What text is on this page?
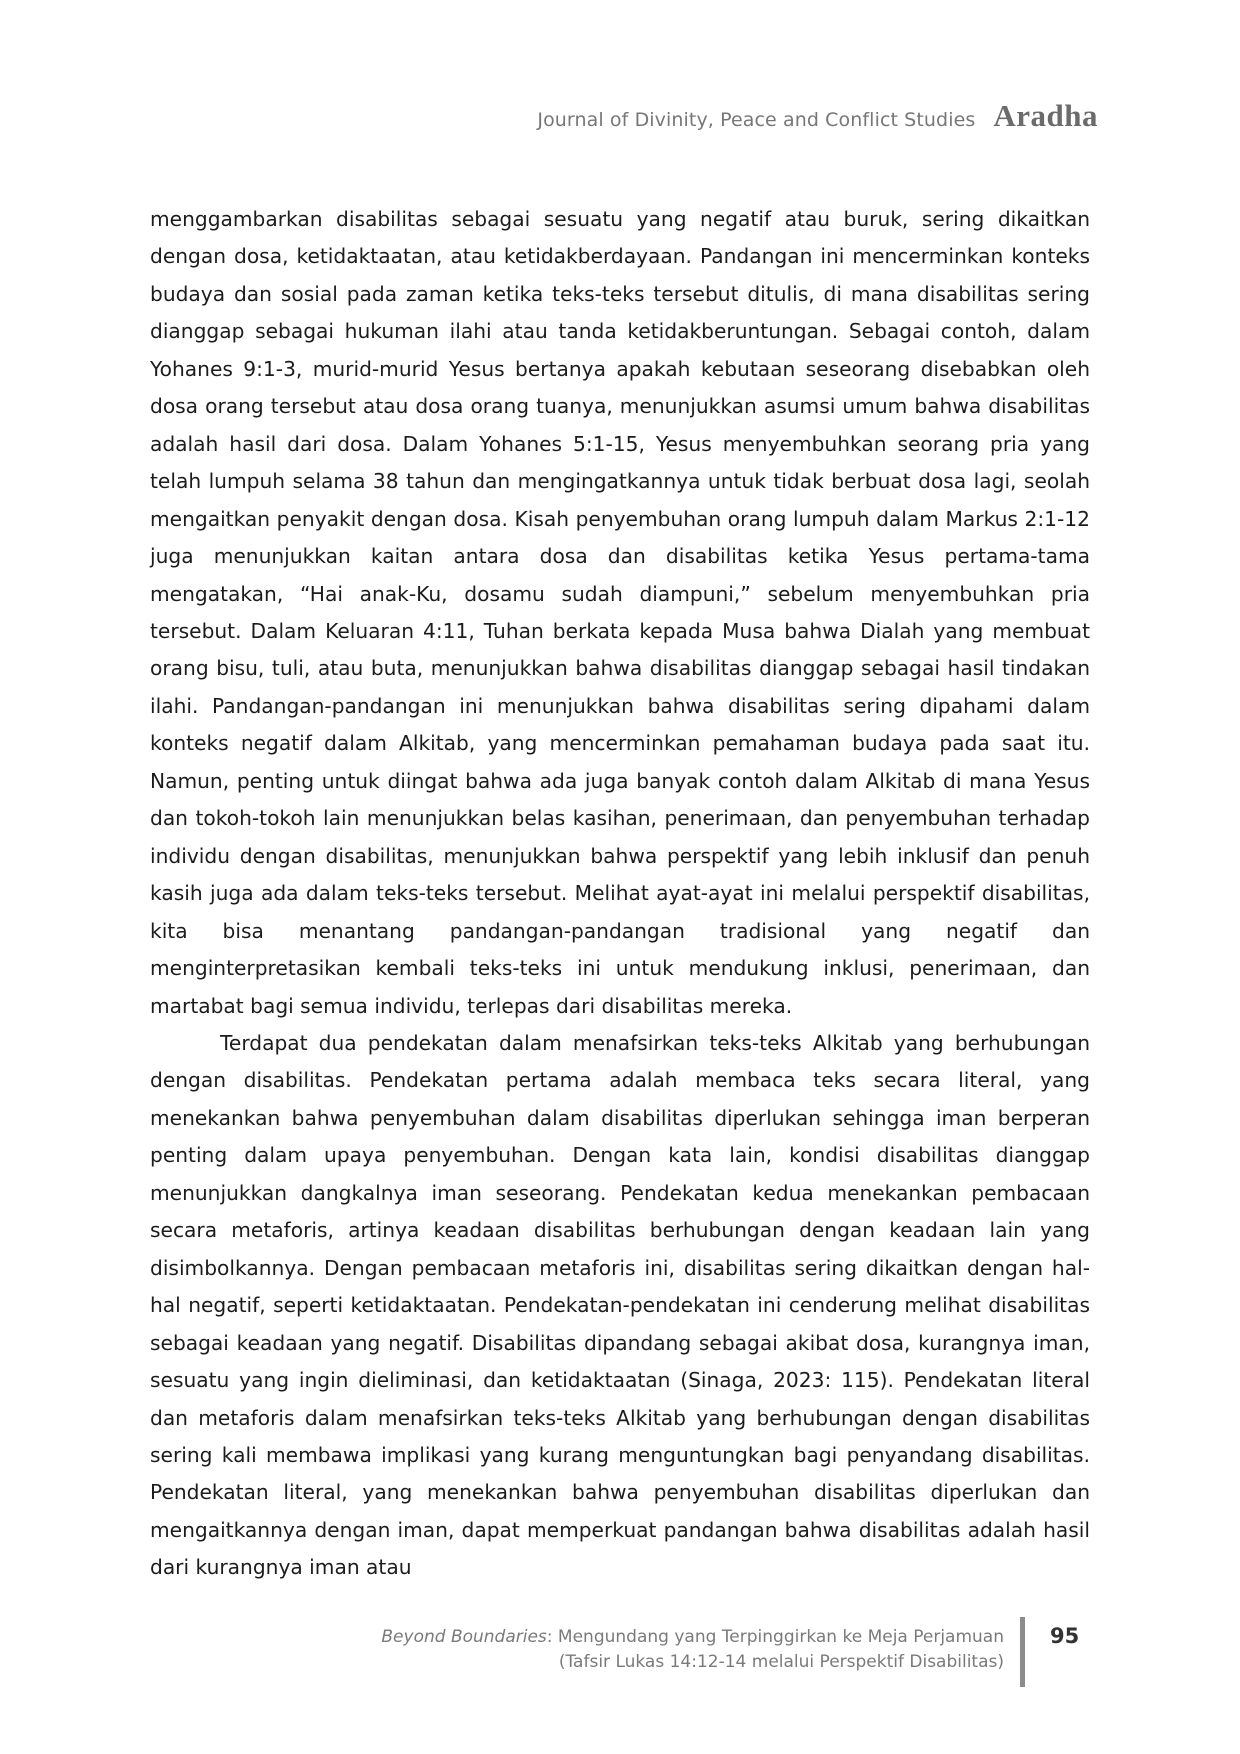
Journal of Divinity, Peace and Conflict Studies Aradha

menggambarkan disabilitas sebagai sesuatu yang negatif atau buruk, sering dikaitkan dengan dosa, ketidaktaatan, atau ketidakberdayaan. Pandangan ini mencerminkan konteks budaya dan sosial pada zaman ketika teks-teks tersebut ditulis, di mana disabilitas sering dianggap sebagai hukuman ilahi atau tanda ketidakberuntungan. Sebagai contoh, dalam Yohanes 9:1-3, murid-murid Yesus bertanya apakah kebutaan seseorang disebabkan oleh dosa orang tersebut atau dosa orang tuanya, menunjukkan asumsi umum bahwa disabilitas adalah hasil dari dosa. Dalam Yohanes 5:1-15, Yesus menyembuhkan seorang pria yang telah lumpuh selama 38 tahun dan mengingatkannya untuk tidak berbuat dosa lagi, seolah mengaitkan penyakit dengan dosa. Kisah penyembuhan orang lumpuh dalam Markus 2:1-12 juga menunjukkan kaitan antara dosa dan disabilitas ketika Yesus pertama-tama mengatakan, “Hai anak-Ku, dosamu sudah diampuni,” sebelum menyembuhkan pria tersebut. Dalam Keluaran 4:11, Tuhan berkata kepada Musa bahwa Dialah yang membuat orang bisu, tuli, atau buta, menunjukkan bahwa disabilitas dianggap sebagai hasil tindakan ilahi. Pandangan-pandangan ini menunjukkan bahwa disabilitas sering dipahami dalam konteks negatif dalam Alkitab, yang mencerminkan pemahaman budaya pada saat itu. Namun, penting untuk diingat bahwa ada juga banyak contoh dalam Alkitab di mana Yesus dan tokoh-tokoh lain menunjukkan belas kasihan, penerimaan, dan penyembuhan terhadap individu dengan disabilitas, menunjukkan bahwa perspektif yang lebih inklusif dan penuh kasih juga ada dalam teks-teks tersebut. Melihat ayat-ayat ini melalui perspektif disabilitas, kita bisa menantang pandangan-pandangan tradisional yang negatif dan menginterpretasikan kembali teks-teks ini untuk mendukung inklusi, penerimaan, dan martabat bagi semua individu, terlepas dari disabilitas mereka.

Terdapat dua pendekatan dalam menafsirkan teks-teks Alkitab yang berhubungan dengan disabilitas. Pendekatan pertama adalah membaca teks secara literal, yang menekankan bahwa penyembuhan dalam disabilitas diperlukan sehingga iman berperan penting dalam upaya penyembuhan. Dengan kata lain, kondisi disabilitas dianggap menunjukkan dangkalnya iman seseorang. Pendekatan kedua menekankan pembacaan secara metaforis, artinya keadaan disabilitas berhubungan dengan keadaan lain yang disimbolkannya. Dengan pembacaan metaforis ini, disabilitas sering dikaitkan dengan hal-hal negatif, seperti ketidaktaatan. Pendekatan-pendekatan ini cenderung melihat disabilitas sebagai keadaan yang negatif. Disabilitas dipandang sebagai akibat dosa, kurangnya iman, sesuatu yang ingin dieliminasi, dan ketidaktaatan (Sinaga, 2023: 115). Pendekatan literal dan metaforis dalam menafsirkan teks-teks Alkitab yang berhubungan dengan disabilitas sering kali membawa implikasi yang kurang menguntungkan bagi penyandang disabilitas. Pendekatan literal, yang menekankan bahwa penyembuhan disabilitas diperlukan dan mengaitkannya dengan iman, dapat memperkuat pandangan bahwa disabilitas adalah hasil dari kurangnya iman atau

Beyond Boundaries: Mengundang yang Terpinggirkan ke Meja Perjamuan
(Tafsir Lukas 14:12-14 melalui Perspektif Disabilitas)
95
